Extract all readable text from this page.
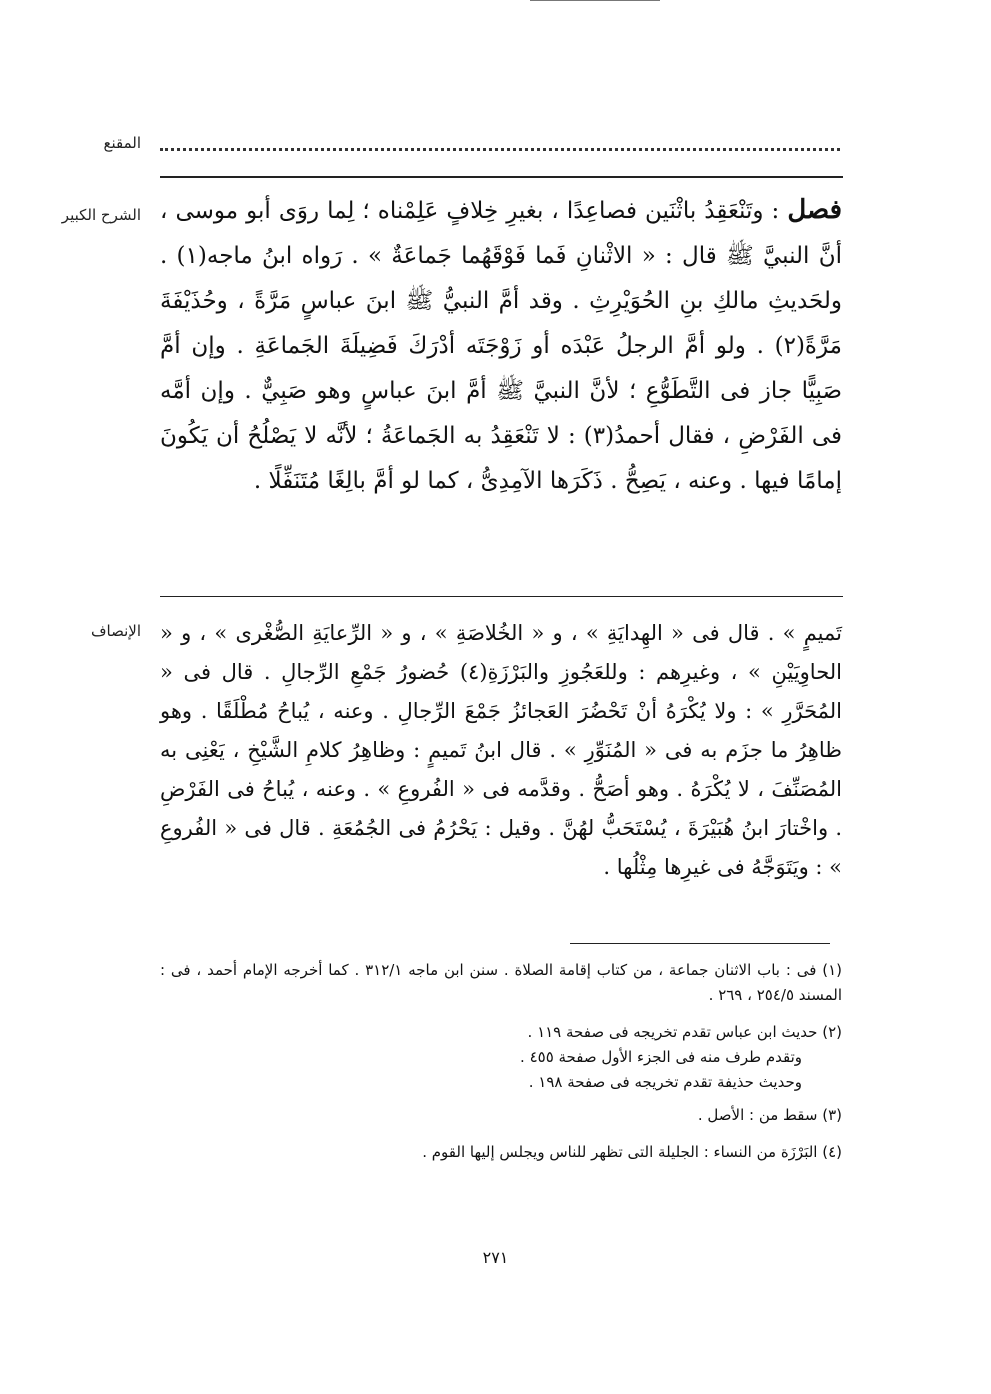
المقنع
الشرح الكبير	فصل : وتَنْعَقِدُ باثْنَين فصاعِدًا ، بغيرِ خِلافٍ عَلِمْناه ؛ لِما روَى أبو موسى ، أنَّ النبيَّ ﷺ قال : « الاثْنانِ فَما فَوْقَهُما جَماعَةٌ » . رَواه ابنُ ماجه(١) . ولحَديثِ مالكِ بنِ الحُوَيْرِثِ . وقد أمَّ النبيُّ ﷺ ابنَ عباسٍ مَرَّةً ، وحُذَيْفَةَ مَرَّةً(٢) . ولو أمَّ الرجلُ عَبْدَه أو زَوْجَتَه أدْرَكَ فَضِيلَةَ الجَماعَةِ . وإن أمَّ صَبِيًّا جاز فى التَّطَوُّعِ ؛ لأنَّ النبيَّ ﷺ أمَّ ابنَ عباسٍ وهو صَبِيٌّ . وإن أمَّه فى الفَرْضِ ، فقال أحمدُ(٣) : لا تَنْعَقِدُ به الجَماعَةُ ؛ لأنَّه لا يَصْلُحُ أن يَكُونَ إمامًا فيها . وعنه ، يَصِحُّ . ذَكَرَها الآمِدِىُّ ، كما لو أمَّ بالِغًا مُتَنَفِّلًا .

الإنصاف تَميمٍ » . قال فى « الهِدايَةِ » ، و « الخُلاصَةِ » ، و « الرِّعايَةِ الصُّغْرى » ، و « الحاوِيَيْنِ » ، وغيرِهم : وللعَجُوزِ والبَرْزَةِ(٤) حُضورُ جَمْعِ الرِّجالِ . قال فى « المُحَرَّرِ » : ولا يُكْرَهُ أنْ تَحْضُرَ العَجائزُ جَمْعَ الرِّجالِ . وعنه ، يُباحُ مُطْلَقًا . وهو ظاهِرُ ما جزَم به فى « المُنَوِّرِ » . قال ابنُ تَميمٍ : وظاهِرُ كلامِ الشَّيْخِ ، يَعْنِى به المُصَنِّفَ ، لا يُكْرَهُ . وهو أصَحُّ . وقدَّمه فى « الفُروعِ » . وعنه ، يُباحُ فى الفَرْضِ . واخْتارَ ابنُ هُبَيْرَةَ ، يُسْتَحَبُّ لهُنَّ . وقيل : يَحْرُمُ فى الجُمُعَةِ . قال فى « الفُروعِ » : ويَتَوَجَّهُ فى غيرِها مِثْلُها .

(١) فى : باب الاثنان جماعة ، من كتاب إقامة الصلاة . سنن ابن ماجه ٣١٢/١ . كما أخرجه الإمام أحمد ، فى : المسند ٢٥٤/٥ ، ٢٦٩ .

(٢) حديث ابن عباس تقدم تخريجه فى صفحة ١١٩ .

وتقدم طرف منه فى الجزء الأول صفحة ٤٥٥ .

وحديث حذيفة تقدم تخريجه فى صفحة ١٩٨ .

(٣) سقط من : الأصل .

(٤) البَرْزَة من النساء : الجليلة التى تظهر للناس ويجلس إليها القوم .

٢٧١
